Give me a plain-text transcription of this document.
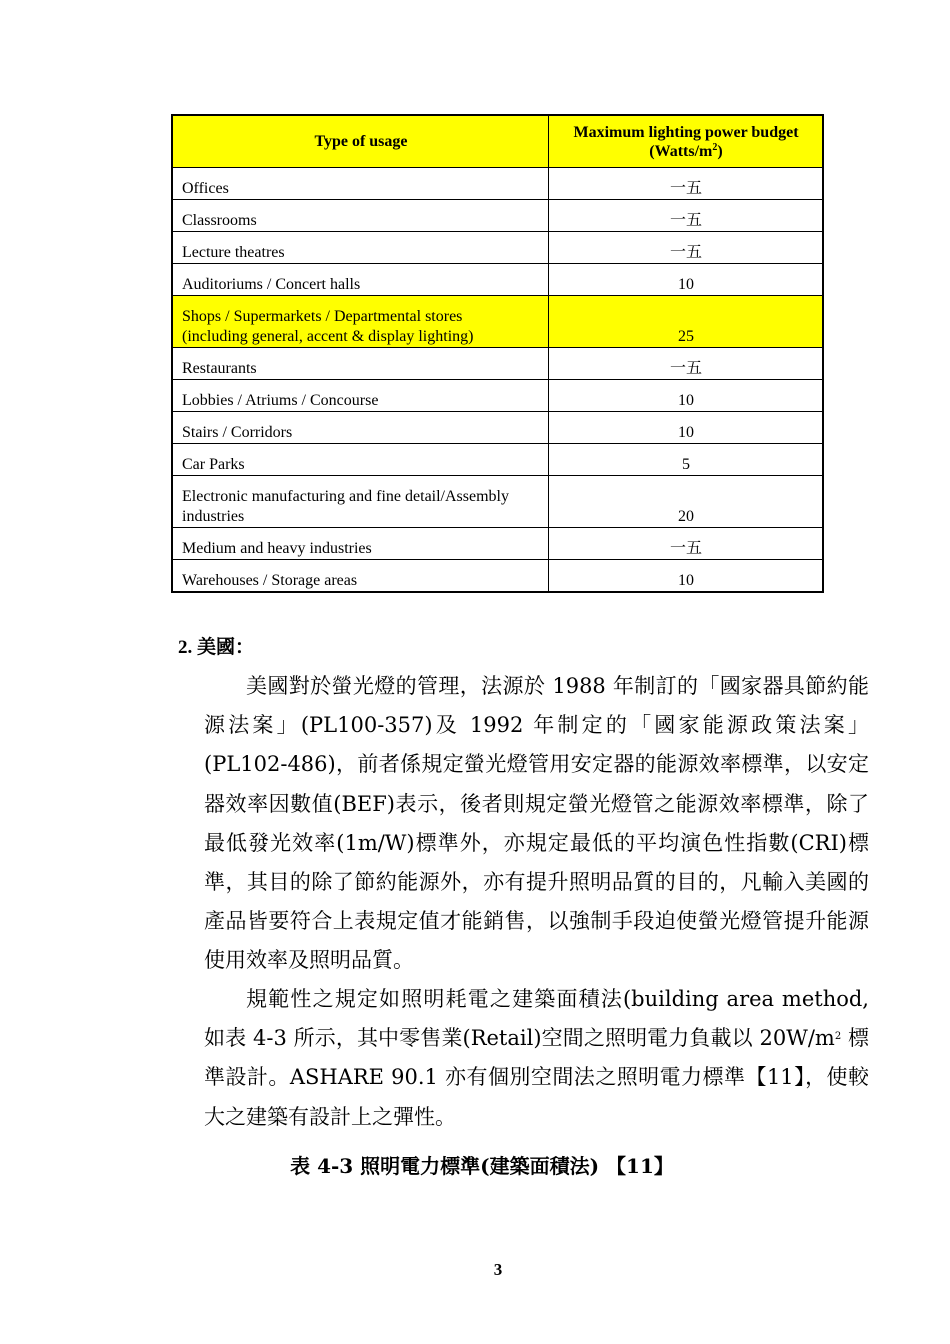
Type of usage	Maximum lighting power budget
$(Watts/m^2)$
Offices	一五
Classrooms	一五
Lecture theatres	一五
Auditoriums / Concert halls	10
Shops / Supermarkets / Departmental stores
(including general, accent & display lighting)	25
Restaurants	一五
Lobbies / Atriums / Concourse	10
Stairs / Corridors	10
Car Parks	5
Electronic manufacturing and fine detail/Assembly
industries	20
Medium and heavy industries	一五
Warehouses / Storage areas	10
2. 美國：

美國對於螢光燈的管理，法源於 1988 年制訂的「國家器具節約能源法案」(PL100-357)及 1992 年制定的「國家能源政策法案」(PL102-486)，前者係規定螢光燈管用安定器的能源效率標準，以安定器效率因數值(BEF)表示，後者則規定螢光燈管之能源效率標準，除了最低發光效率(1m/W)標準外，亦規定最低的平均演色性指數(CRI)標準，其目的除了節約能源外，亦有提升照明品質的目的，凡輸入美國的產品皆要符合上表規定值才能銷售，以強制手段迫使螢光燈管提升能源使用效率及照明品質。

規範性之規定如照明耗電之建築面積法(building area method, 如表 4-3 所示，其中零售業(Retail)空間之照明電力負載以 $20W/m^2$ 標準設計。ASHARE 90.1 亦有個別空間法之照明電力標準【11】，使較大之建築有設計上之彈性。

表 4-3 照明電力標準(建築面積法) 【11】
3
